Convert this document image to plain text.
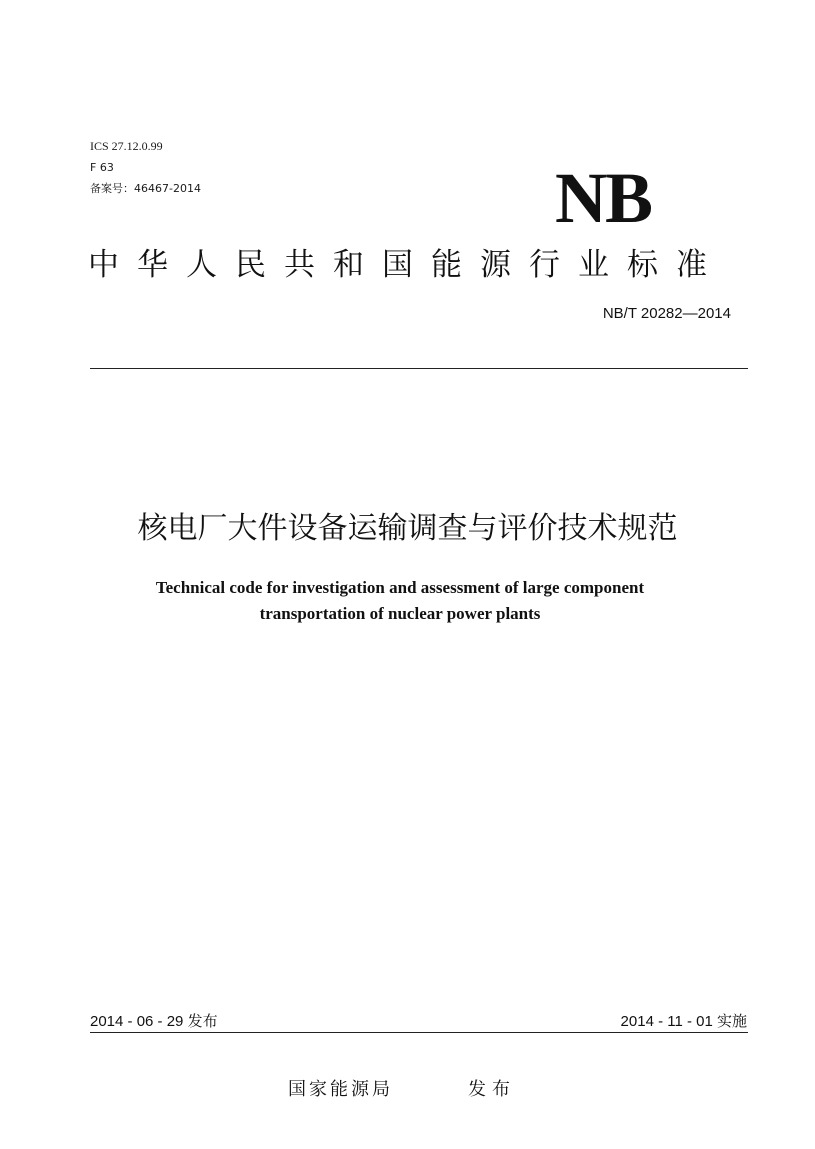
ICS 27.12.0.99
F 63
备案号：46467-2014	NB
中华人民共和国能源行业标准
NB/T 20282—2014
核电厂大件设备运输调查与评价技术规范
Technical code for investigation and assessment of large component
transportation of nuclear power plants
2014 - 06 - 29 发布	2014 - 11 - 01 实施
国家能源局	发布
